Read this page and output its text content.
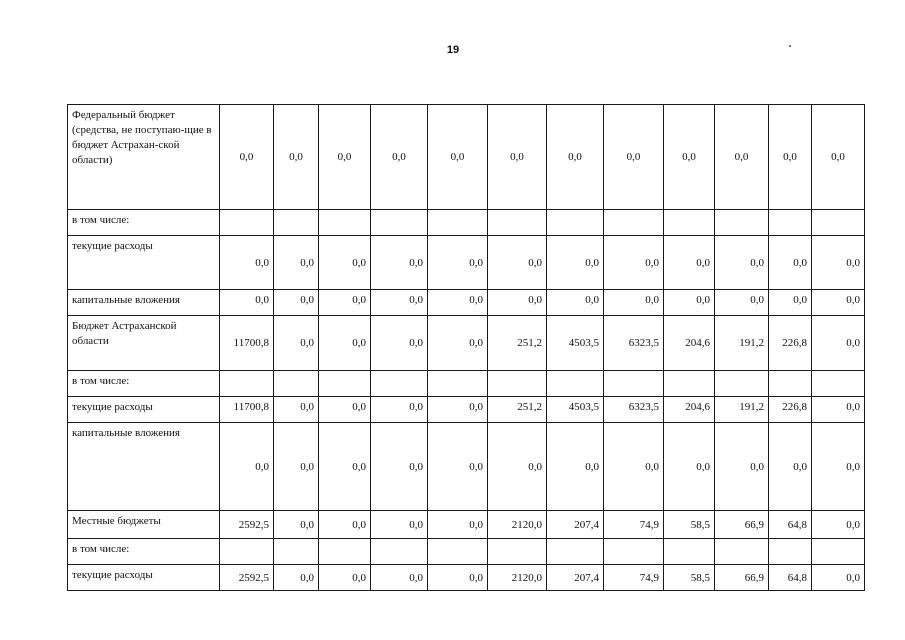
19
Федеральный бюджет (средства, не поступаю-щие в бюджет Астрахан-ской области)	0,0	0,0	0,0	0,0	0,0	0,0	0,0	0,0	0,0	0,0	0,0	0,0
в том числе:												
текущие расходы	0,0	0,0	0,0	0,0	0,0	0,0	0,0	0,0	0,0	0,0	0,0	0,0
капитальные вложения	0,0	0,0	0,0	0,0	0,0	0,0	0,0	0,0	0,0	0,0	0,0	0,0
Бюджет Астраханской области	11700,8	0,0	0,0	0,0	0,0	251,2	4503,5	6323,5	204,6	191,2	226,8	0,0
в том числе:												
текущие расходы	11700,8	0,0	0,0	0,0	0,0	251,2	4503,5	6323,5	204,6	191,2	226,8	0,0
капитальные вложения	0,0	0,0	0,0	0,0	0,0	0,0	0,0	0,0	0,0	0,0	0,0	0,0
Местные бюджеты	2592,5	0,0	0,0	0,0	0,0	2120,0	207,4	74,9	58,5	66,9	64,8	0,0
в том числе:												
текущие расходы	2592,5	0,0	0,0	0,0	0,0	2120,0	207,4	74,9	58,5	66,9	64,8	0,0
